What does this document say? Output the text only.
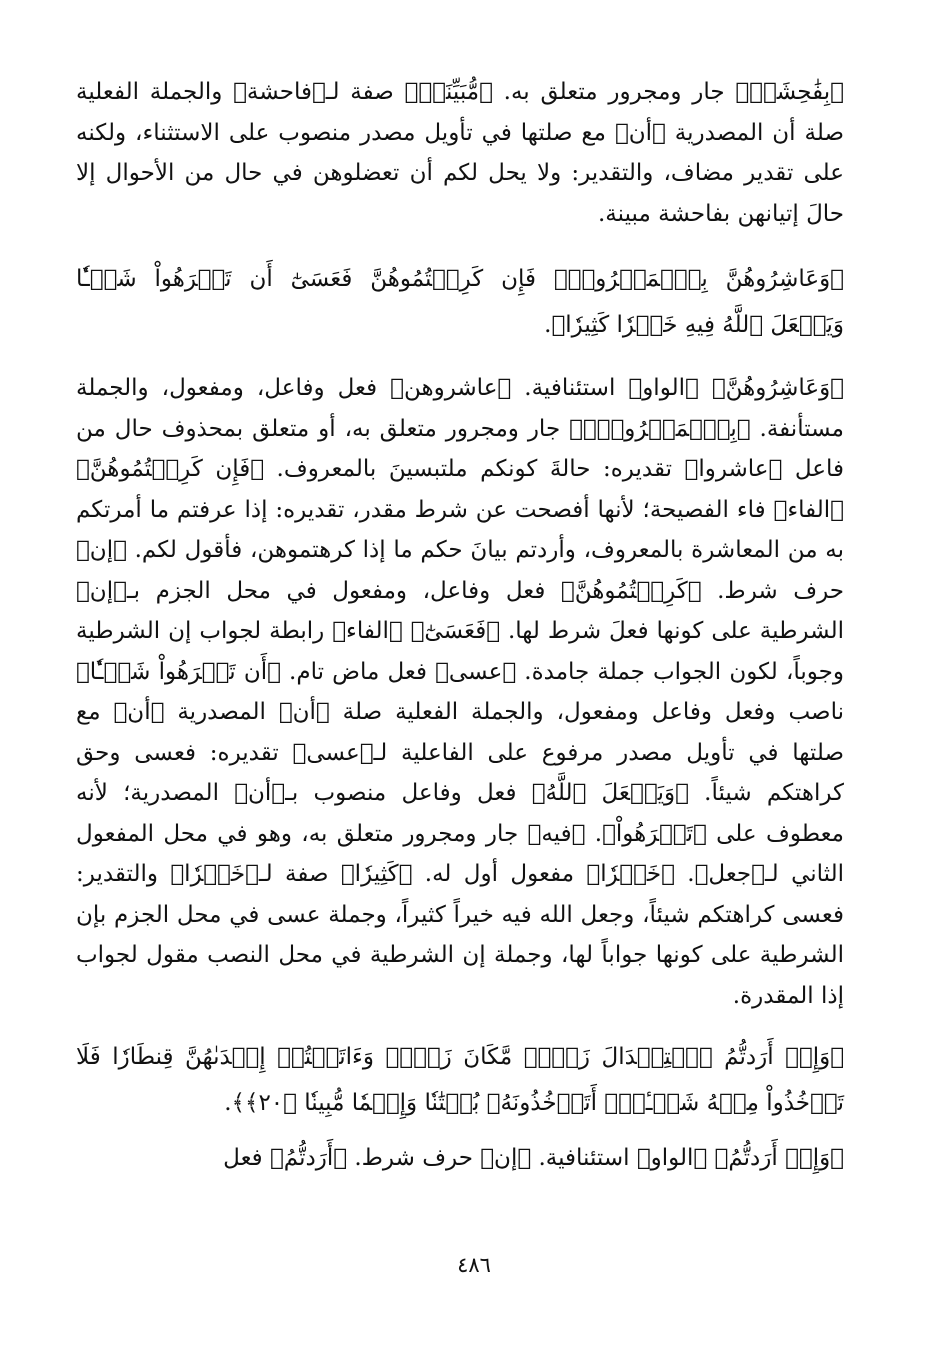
﴿بِفَٰحِشَةٖ﴾ جار ومجرور متعلق به. ﴿مُّبَيِّنَةٖ﴾ صفة لـ﴿فاحشة﴾ والجملة الفعلية صلة أن المصدرية ﴿أن﴾ مع صلتها في تأويل مصدر منصوب على الاستثناء، ولكنه على تقدير مضاف، والتقدير: ولا يحل لكم أن تعضلوهن في حال من الأحوال إلا حالَ إتيانهن بفاحشة مبينة.

﴿وَعَاشِرُوهُنَّ بِٱلۡمَعۡرُوفِۚ فَإِن كَرِهۡتُمُوهُنَّ فَعَسَىٰٓ أَن تَكۡرَهُواْ شَيۡـٔٗا وَيَجۡعَلَ ٱللَّهُ فِيهِ خَيۡرٗا كَثِيرٗا﴾.

﴿وَعَاشِرُوهُنَّ﴾ ﴿الواو﴾ استئنافية. ﴿عاشروهن﴾ فعل وفاعل، ومفعول، والجملة مستأنفة. ﴿بِٱلۡمَعۡرُوفِۚ﴾ جار ومجرور متعلق به، أو متعلق بمحذوف حال من فاعل ﴿عاشروا﴾ تقديره: حالةَ كونكم ملتبسينَ بالمعروف. ﴿فَإِن كَرِهۡتُمُوهُنَّ﴾ ﴿الفاء﴾ فاء الفصيحة؛ لأنها أفصحت عن شرط مقدر، تقديره: إذا عرفتم ما أمرتكم به من المعاشرة بالمعروف، وأردتم بيانَ حكم ما إذا كرهتموهن، فأقول لكم. ﴿إن﴾ حرف شرط. ﴿كَرِهۡتُمُوهُنَّ﴾ فعل وفاعل، ومفعول في محل الجزم بـ﴿إن﴾ الشرطية على كونها فعلَ شرط لها. ﴿فَعَسَىٰٓ﴾ ﴿الفاء﴾ رابطة لجواب إن الشرطية وجوباً، لكون الجواب جملة جامدة. ﴿عسى﴾ فعل ماض تام. ﴿أَن تَكۡرَهُواْ شَيۡـٔٗا﴾ ناصب وفعل وفاعل ومفعول، والجملة الفعلية صلة ﴿أن﴾ المصدرية ﴿أن﴾ مع صلتها في تأويل مصدر مرفوع على الفاعلية لـ﴿عسى﴾ تقديره: فعسى وحق كراهتكم شيئاً. ﴿وَيَجۡعَلَ ٱللَّهُ﴾ فعل وفاعل منصوب بـ﴿أن﴾ المصدرية؛ لأنه معطوف على ﴿تَكۡرَهُواْ﴾. ﴿فيه﴾ جار ومجرور متعلق به، وهو في محل المفعول الثاني لـ﴿جعل﴾. ﴿خَيۡرٗا﴾ مفعول أول له. ﴿كَثِيرٗا﴾ صفة لـ﴿خَيۡرٗا﴾ والتقدير: فعسى كراهتكم شيئاً، وجعل الله فيه خيراً كثيراً، وجملة عسى في محل الجزم بإن الشرطية على كونها جواباً لها، وجملة إن الشرطية في محل النصب مقول لجواب إذا المقدرة.

﴿وَإِنۡ أَرَدتُّمُ ٱسۡتِبۡدَالَ زَوۡجٖ مَّكَانَ زَوۡجٖ وَءَاتَيۡتُمۡ إِحۡدَىٰهُنَّ قِنطَارٗا فَلَا تَأۡخُذُواْ مِنۡهُ شَيۡـٔاًۚ أَتَأۡخُذُونَهُۥ بُهۡتَٰنٗا وَإِثۡمٗا مُّبِينٗا ﴿٢٠﴾﴾.

﴿وَإِنۡ أَرَدتُّمُ﴾ ﴿الواو﴾ استئنافية. ﴿إن﴾ حرف شرط. ﴿أَرَدتُّمُ﴾ فعل

٤٨٦
